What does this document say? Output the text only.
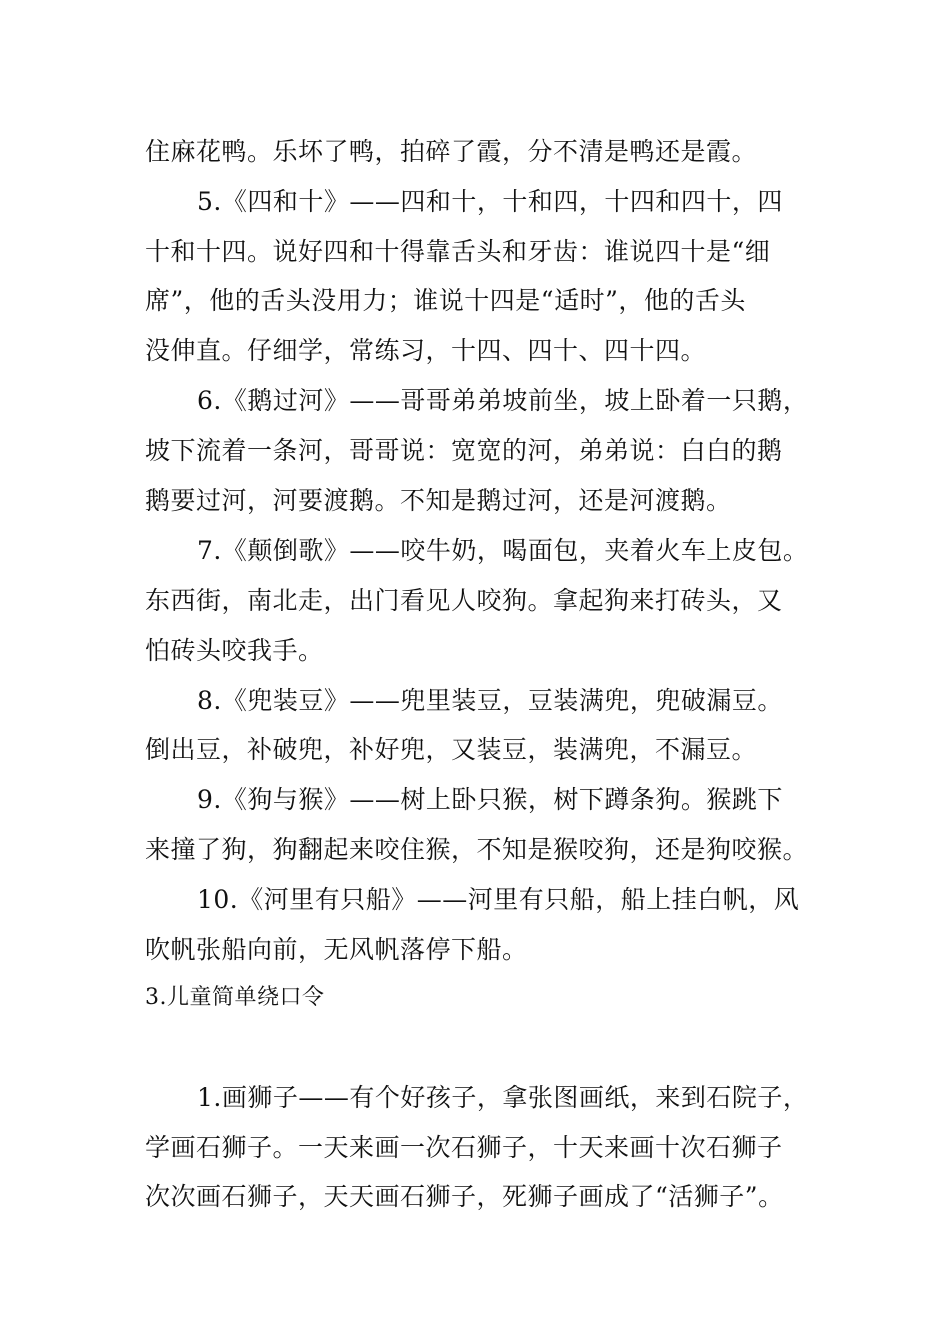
住麻花鸭。乐坏了鸭，拍碎了霞，分不清是鸭还是霞。
5.《四和十》——四和十，十和四，十四和四十，四
十和十四。说好四和十得靠舌头和牙齿：谁说四十是“细
席”，他的舌头没用力；谁说十四是“适时”，他的舌头
没伸直。仔细学，常练习，十四、四十、四十四。
6.《鹅过河》——哥哥弟弟坡前坐，坡上卧着一只鹅，
坡下流着一条河，哥哥说：宽宽的河，弟弟说：白白的鹅
鹅要过河，河要渡鹅。不知是鹅过河，还是河渡鹅。
7.《颠倒歌》——咬牛奶，喝面包，夹着火车上皮包。
东西街，南北走，出门看见人咬狗。拿起狗来打砖头，又
怕砖头咬我手。
8.《兜装豆》——兜里装豆，豆装满兜，兜破漏豆。
倒出豆，补破兜，补好兜，又装豆，装满兜，不漏豆。
9.《狗与猴》——树上卧只猴，树下蹲条狗。猴跳下
来撞了狗，狗翻起来咬住猴，不知是猴咬狗，还是狗咬猴。
10.《河里有只船》——河里有只船，船上挂白帆，风
吹帆张船向前，无风帆落停下船。
3.儿童简单绕口令
1.画狮子——有个好孩子，拿张图画纸，来到石院子，
学画石狮子。一天来画一次石狮子，十天来画十次石狮子
次次画石狮子，天天画石狮子，死狮子画成了“活狮子”。
